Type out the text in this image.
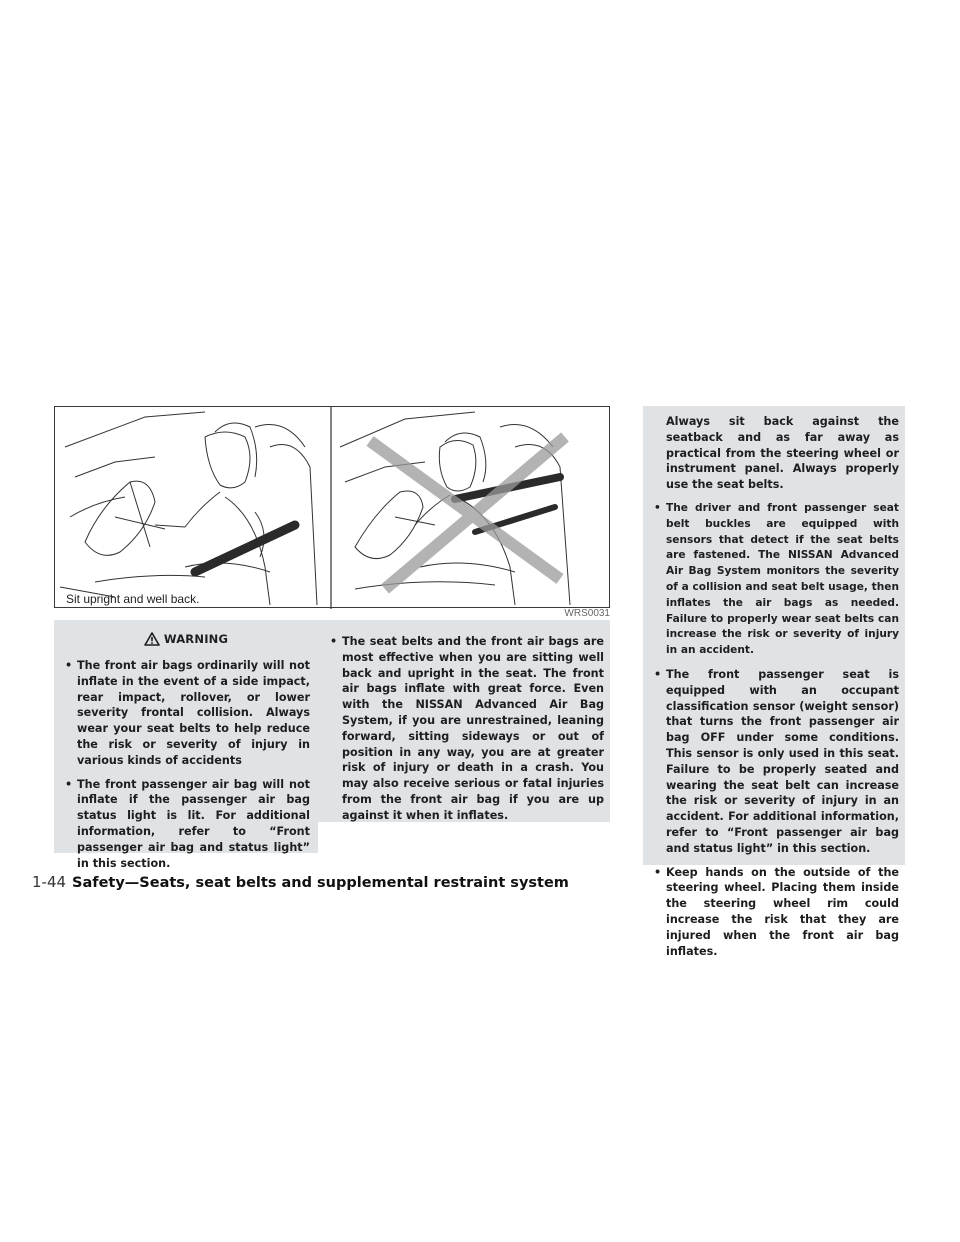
Sit upright and well back.
WRS0031
WARNING
• The front air bags ordinarily will not inflate in the event of a side impact, rear impact, rollover, or lower severity frontal collision. Always wear your seat belts to help reduce the risk or severity of injury in various kinds of accidents
• The front passenger air bag will not inflate if the passenger air bag status light is lit. For additional information, refer to “Front passenger air bag and status light” in this section.
• The seat belts and the front air bags are most effective when you are sitting well back and upright in the seat. The front air bags inflate with great force. Even with the NISSAN Advanced Air Bag System, if you are unrestrained, leaning forward, sitting sideways or out of position in any way, you are at greater risk of injury or death in a crash. You may also receive serious or fatal injuries from the front air bag if you are up against it when it inflates.
Always sit back against the seatback and as far away as practical from the steering wheel or instrument panel. Always properly use the seat belts.
• The driver and front passenger seat belt buckles are equipped with sensors that detect if the seat belts are fastened. The NISSAN Advanced Air Bag System monitors the severity of a collision and seat belt usage, then inflates the air bags as needed. Failure to properly wear seat belts can increase the risk or severity of injury in an accident.
• The front passenger seat is equipped with an occupant classification sensor (weight sensor) that turns the front passenger air bag OFF under some conditions. This sensor is only used in this seat. Failure to be properly seated and wearing the seat belt can increase the risk or severity of injury in an accident. For additional information, refer to “Front passenger air bag and status light” in this section.
• Keep hands on the outside of the steering wheel. Placing them inside the steering wheel rim could increase the risk that they are injured when the front air bag inflates.
1-44 Safety—Seats, seat belts and supplemental restraint system
